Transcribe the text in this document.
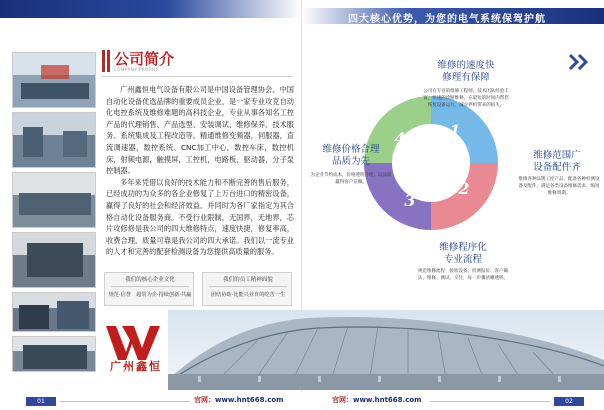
四大核心优势，为您的电气系统保驾护航
公司简介
COMPANY PROFILE

广州鑫恒电气设备有限公司是中国设备管理协会、中国自动化设备优选品牌的重要成员企业，是一家专业攻克自动化电控系统及维修难题的高科技企业，专业从事各知名工控产品的代理销售、产品选型、安装调试、维修保养、技术服务、系统集成及工程改造等。精通维修变频器，伺服器，直流调速器，数控系统、CNC加工中心，数控车床，数控机床，射频电源，触摸屏，工控机，电路板，驱动器，分子泵控制器。

多年来凭借以良好的技术能力和不断完善的售后服务，已经成功的为众多的各企业修复了上万台进口的精密设备，赢得了良好的社会和经济效益。并同时为各厂家指定为其合格自动化设备服务商。不受行业限制，无国界，无地界，芯片攻修修是我公司的四大维修特点，速度快捷，修复率高，收费合理，质量可靠是我公司的四大承诺。我们以一流专业的人才和完善的配套检测设备为您提供高质量的服务。

我们的核心企业文化
规范·信誉　超常为企·持续创新·共赢
我们的员工精神面貌
团结协助·比能兴业肯的吃苦一生
广州鑫恒
1
2
3
4
维修的速度快
修理有保障
公司有专业的维修工程师，技术团队经验丰富，快速的诊断维修，在最短的时间内帮您恢复设备运行，减少停机带来的损失。
维修范围广
设备配件齐
维修各种品牌工控产品，配备各种检测设备及配件，满足各类设备维修需求，缩短维修周期。
维修程序化
专业流程
规范维修流程：接收设备、检测报价、客户确认、维修、测试、交付，每一步骤清晰透明。
维修价格合理
品质为先
为企业节约成本，价格透明合理，以品质赢得客户信赖。
01	官网：www.hnt668.com	官网：www.hnt668.com	02
